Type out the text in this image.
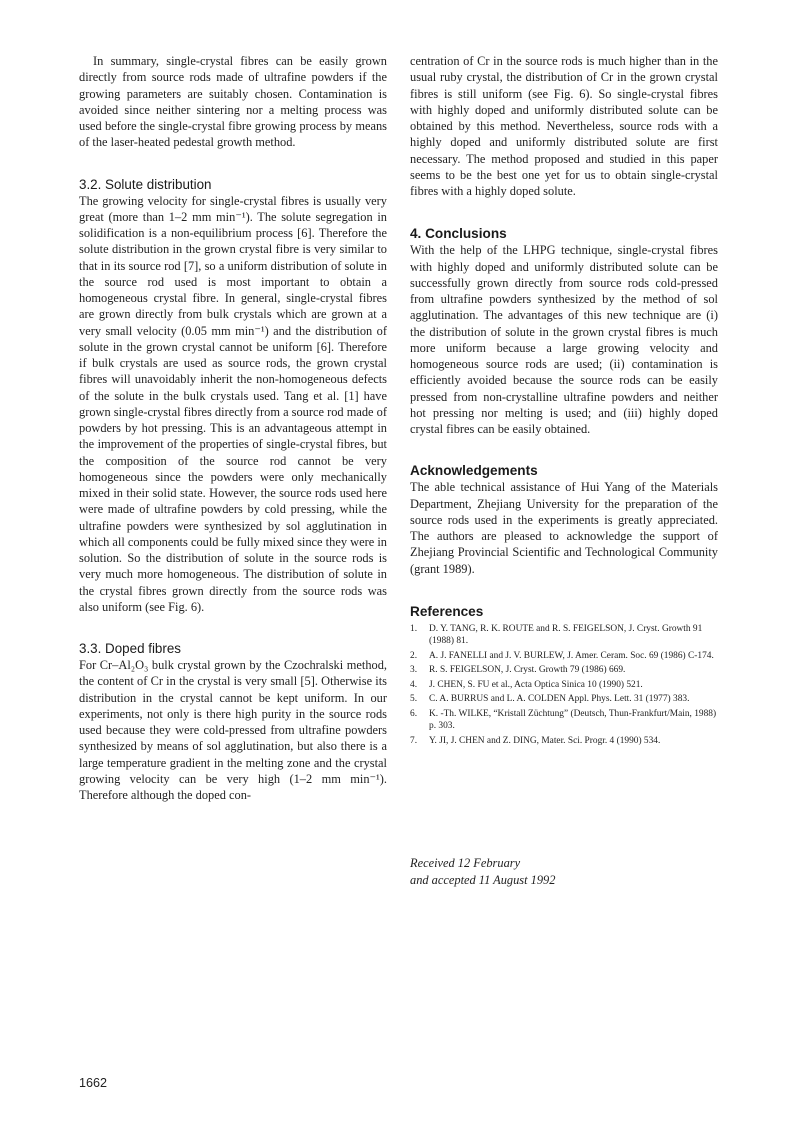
In summary, single-crystal fibres can be easily grown directly from source rods made of ultrafine powders if the growing parameters are suitably chosen. Contamination is avoided since neither sintering nor a melting process was used before the single-crystal fibre growing process by means of the laser-heated pedestal growth method.

3.2. Solute distribution

The growing velocity for single-crystal fibres is usually very great (more than 1–2 mm min⁻¹). The solute segregation in solidification is a non-equilibrium process [6]. Therefore the solute distribution in the grown crystal fibre is very similar to that in its source rod [7], so a uniform distribution of solute in the source rod used is most important to obtain a homogeneous crystal fibre. In general, single-crystal fibres are grown directly from bulk crystals which are grown at a very small velocity (0.05 mm min⁻¹) and the distribution of solute in the grown crystal cannot be uniform [6]. Therefore if bulk crystals are used as source rods, the grown crystal fibres will unavoidably inherit the non-homogeneous defects of the solute in the bulk crystals used. Tang et al. [1] have grown single-crystal fibres directly from a source rod made of powders by hot pressing. This is an advantageous attempt in the improvement of the properties of single-crystal fibres, but the composition of the source rod cannot be very homogeneous since the powders were only mechanically mixed in their solid state. However, the source rods used here were made of ultrafine powders by cold pressing, while the ultrafine powders were synthesized by sol agglutination in which all components could be fully mixed since they were in solution. So the distribution of solute in the source rods is very much more homogeneous. The distribution of solute in the crystal fibres grown directly from the source rods was also uniform (see Fig. 6).

3.3. Doped fibres

For Cr–Al₂O₃ bulk crystal grown by the Czochralski method, the content of Cr in the crystal is very small [5]. Otherwise its distribution in the crystal cannot be kept uniform. In our experiments, not only is there high purity in the source rods used because they were cold-pressed from ultrafine powders synthesized by means of sol agglutination, but also there is a large temperature gradient in the melting zone and the crystal growing velocity can be very high (1–2 mm min⁻¹). Therefore although the doped con-

centration of Cr in the source rods is much higher than in the usual ruby crystal, the distribution of Cr in the grown crystal fibres is still uniform (see Fig. 6). So single-crystal fibres with highly doped and uniformly distributed solute can be obtained by this method. Nevertheless, source rods with a highly doped and uniformly distributed solute are first necessary. The method proposed and studied in this paper seems to be the best one yet for us to obtain single-crystal fibres with a highly doped solute.

4. Conclusions

With the help of the LHPG technique, single-crystal fibres with highly doped and uniformly distributed solute can be successfully grown directly from source rods cold-pressed from ultrafine powders synthesized by the method of sol agglutination. The advantages of this new technique are (i) the distribution of solute in the grown crystal fibres is much more uniform because a large growing velocity and homogeneous source rods are used; (ii) contamination is efficiently avoided because the source rods can be easily pressed from non-crystalline ultrafine powders and neither hot pressing nor melting is used; and (iii) highly doped crystal fibres can be easily obtained.

Acknowledgements

The able technical assistance of Hui Yang of the Materials Department, Zhejiang University for the preparation of the source rods used in the experiments is greatly appreciated. The authors are pleased to acknowledge the support of Zhejiang Provincial Scientific and Technological Community (grant 1989).

References
1.	D. Y. TANG, R. K. ROUTE and R. S. FEIGELSON, J. Cryst. Growth 91 (1988) 81.
2.	A. J. FANELLI and J. V. BURLEW, J. Amer. Ceram. Soc. 69 (1986) C-174.
3.	R. S. FEIGELSON, J. Cryst. Growth 79 (1986) 669.
4.	J. CHEN, S. FU et al., Acta Optica Sinica 10 (1990) 521.
5.	C. A. BURRUS and L. A. COLDEN Appl. Phys. Lett. 31 (1977) 383.
6.	K. -Th. WILKE, “Kristall Züchtung” (Deutsch, Thun-Frankfurt/Main, 1988) p. 303.
7.	Y. JI, J. CHEN and Z. DING, Mater. Sci. Progr. 4 (1990) 534.
Received 12 February
and accepted 11 August 1992
1662
